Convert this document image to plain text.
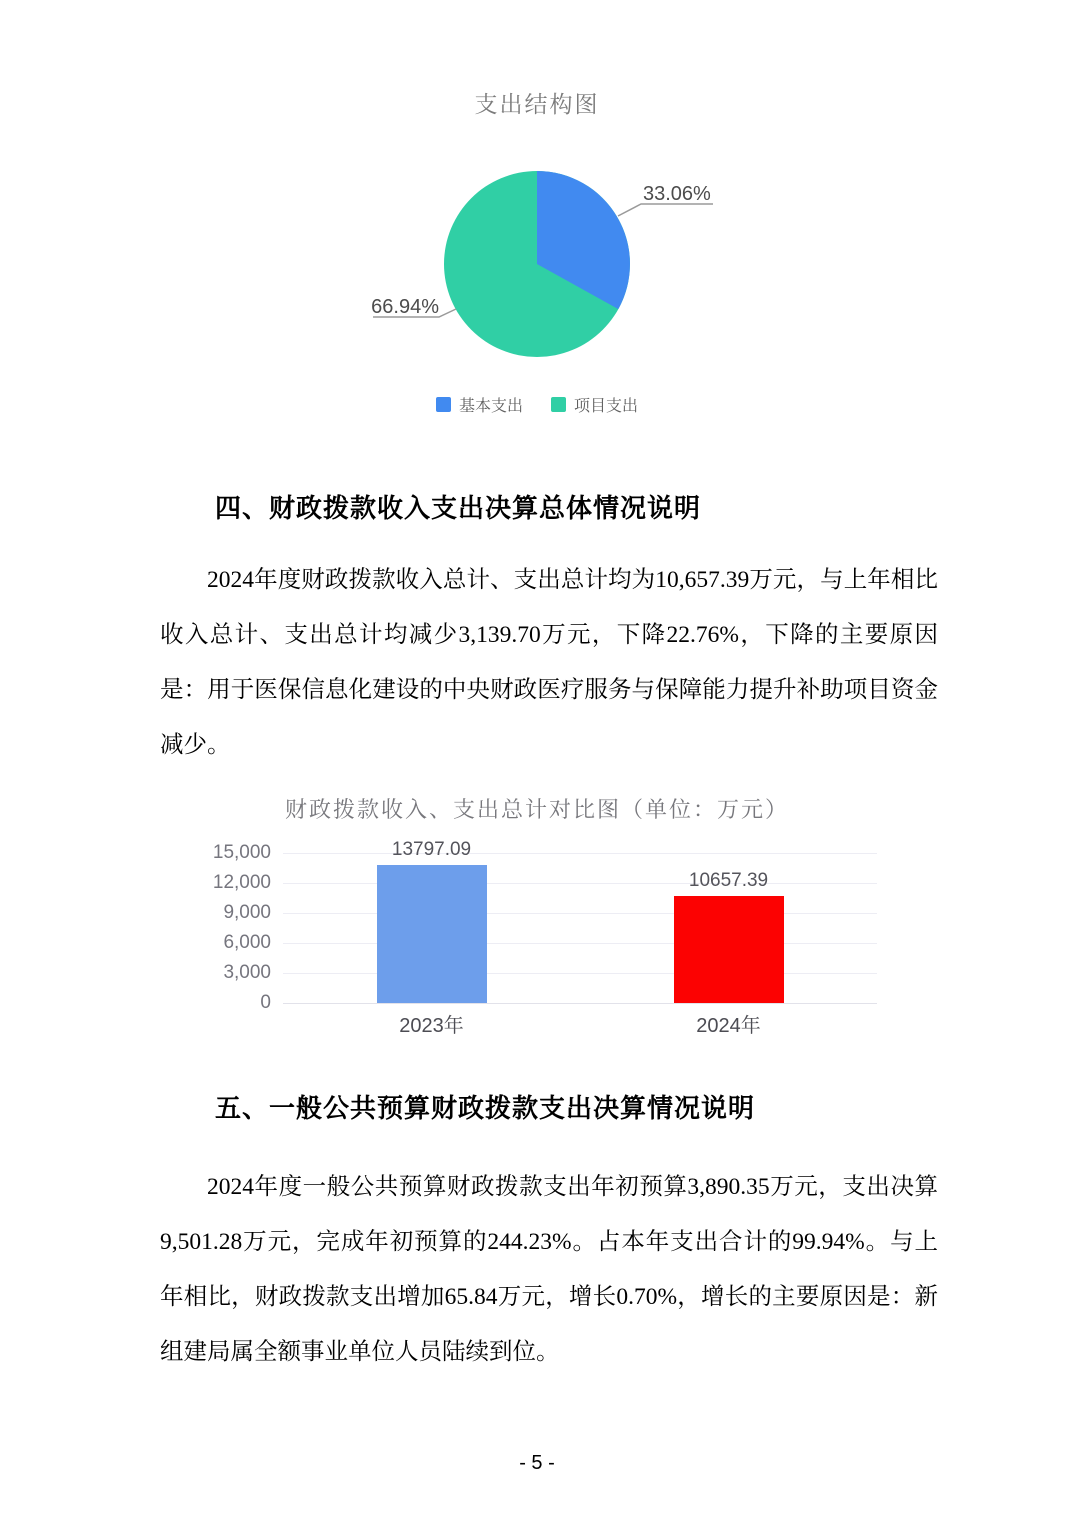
支出结构图
33.06%
66.94%
基本支出	项目支出
四、财政拨款收入支出决算总体情况说明
2024年度财政拨款收入总计、支出总计均为10,657.39万元，与上年相比收入总计、支出总计均减少3,139.70万元，下降22.76%，下降的主要原因是：用于医保信息化建设的中央财政医疗服务与保障能力提升补助项目资金减少。
财政拨款收入、支出总计对比图（单位：万元）
15,000
12,000
9,000
6,000
3,000
0
13797.09
10657.39
2023年	2024年
五、一般公共预算财政拨款支出决算情况说明
2024年度一般公共预算财政拨款支出年初预算3,890.35万元，支出决算9,501.28万元，完成年初预算的244.23%。占本年支出合计的99.94%。与上年相比，财政拨款支出增加65.84万元，增长0.70%，增长的主要原因是：新组建局属全额事业单位人员陆续到位。
- 5 -
